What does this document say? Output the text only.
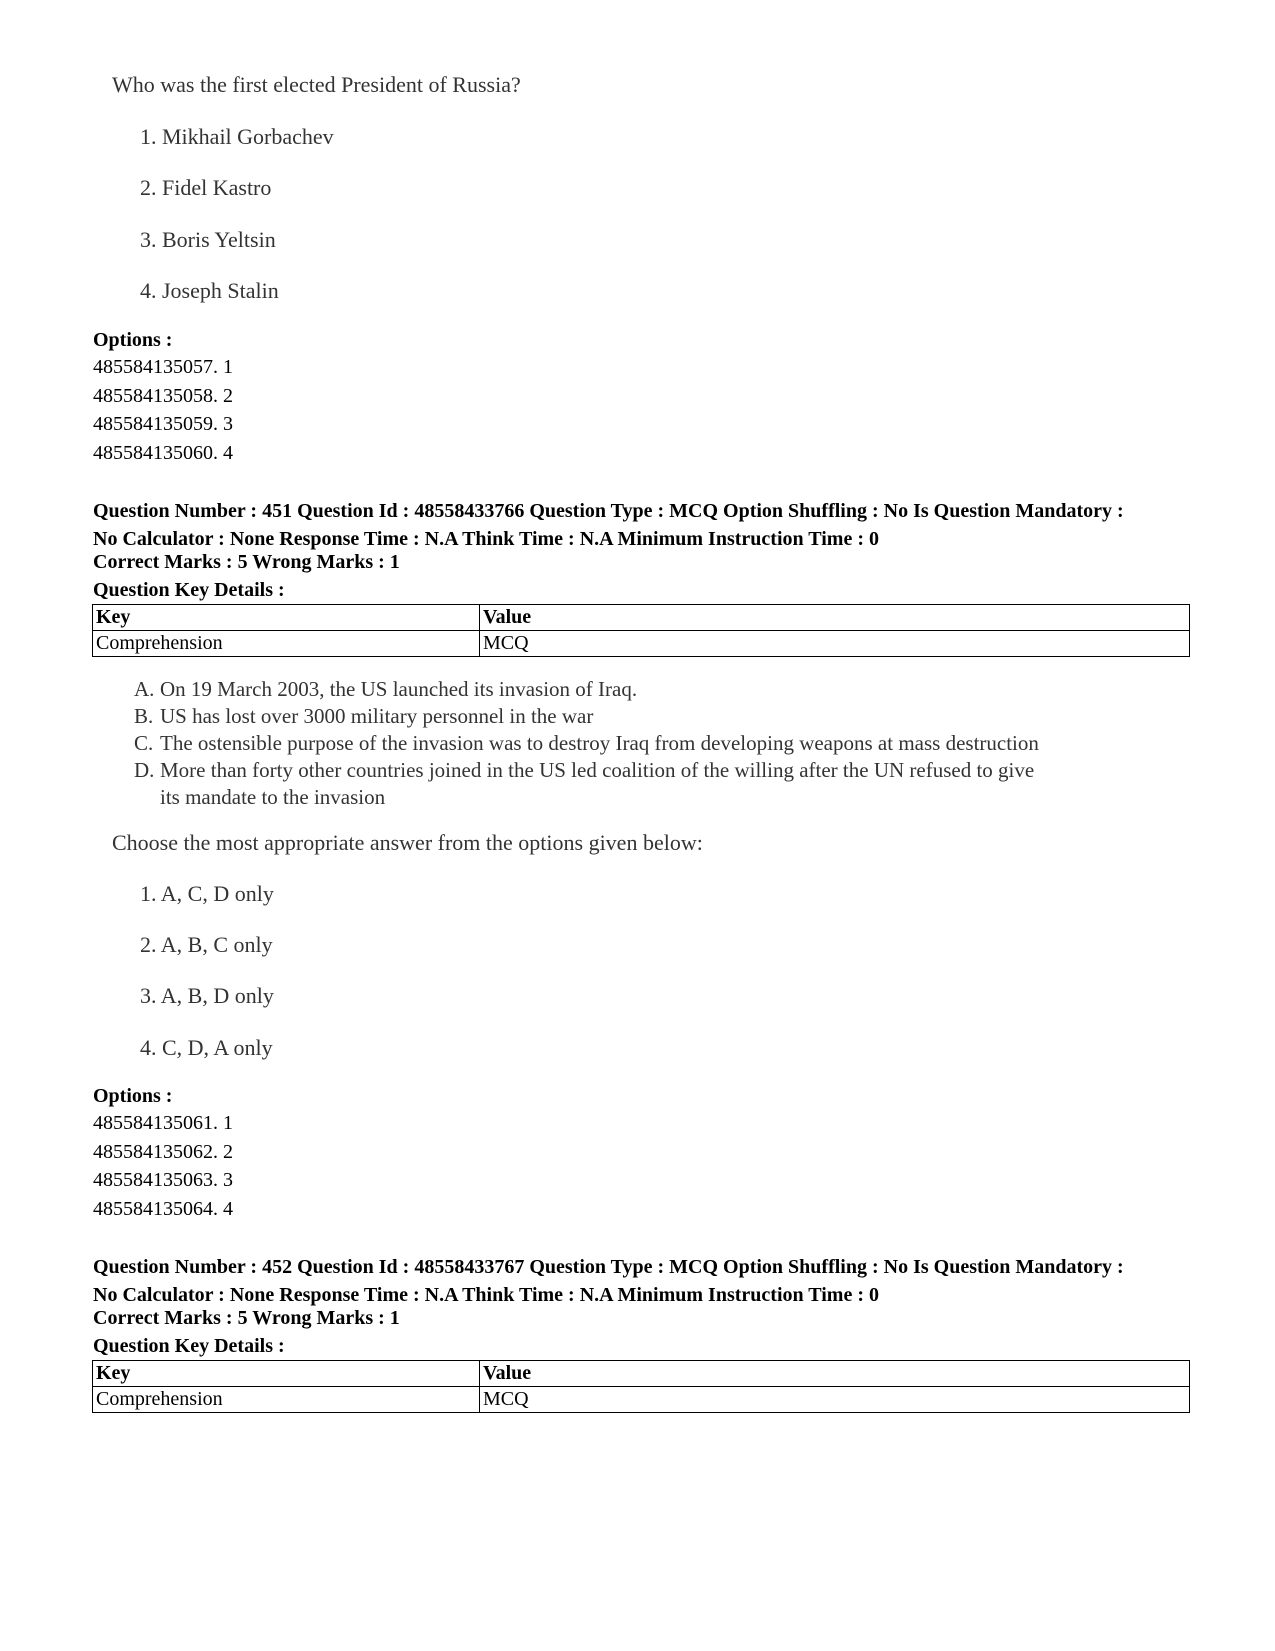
Who was the first elected President of Russia?
1. Mikhail Gorbachev
2. Fidel Kastro
3. Boris Yeltsin
4. Joseph Stalin
Options :
485584135057. 1
485584135058. 2
485584135059. 3
485584135060. 4
Question Number : 451 Question Id : 48558433766 Question Type : MCQ Option Shuffling : No Is Question Mandatory :
No Calculator : None Response Time : N.A Think Time : N.A Minimum Instruction Time : 0
Correct Marks : 5 Wrong Marks : 1
Question Key Details :
Key	Value
Comprehension	MCQ
A. On 19 March 2003, the US launched its invasion of Iraq.
B. US has lost over 3000 military personnel in the war
C. The ostensible purpose of the invasion was to destroy Iraq from developing weapons at mass destruction
D. More than forty other countries joined in the US led coalition of the willing after the UN refused to give
its mandate to the invasion
Choose the most appropriate answer from the options given below:
1. A, C, D only
2. A, B, C only
3. A, B, D only
4. C, D, A only
Options :
485584135061. 1
485584135062. 2
485584135063. 3
485584135064. 4
Question Number : 452 Question Id : 48558433767 Question Type : MCQ Option Shuffling : No Is Question Mandatory :
No Calculator : None Response Time : N.A Think Time : N.A Minimum Instruction Time : 0
Correct Marks : 5 Wrong Marks : 1
Question Key Details :
Key	Value
Comprehension	MCQ
